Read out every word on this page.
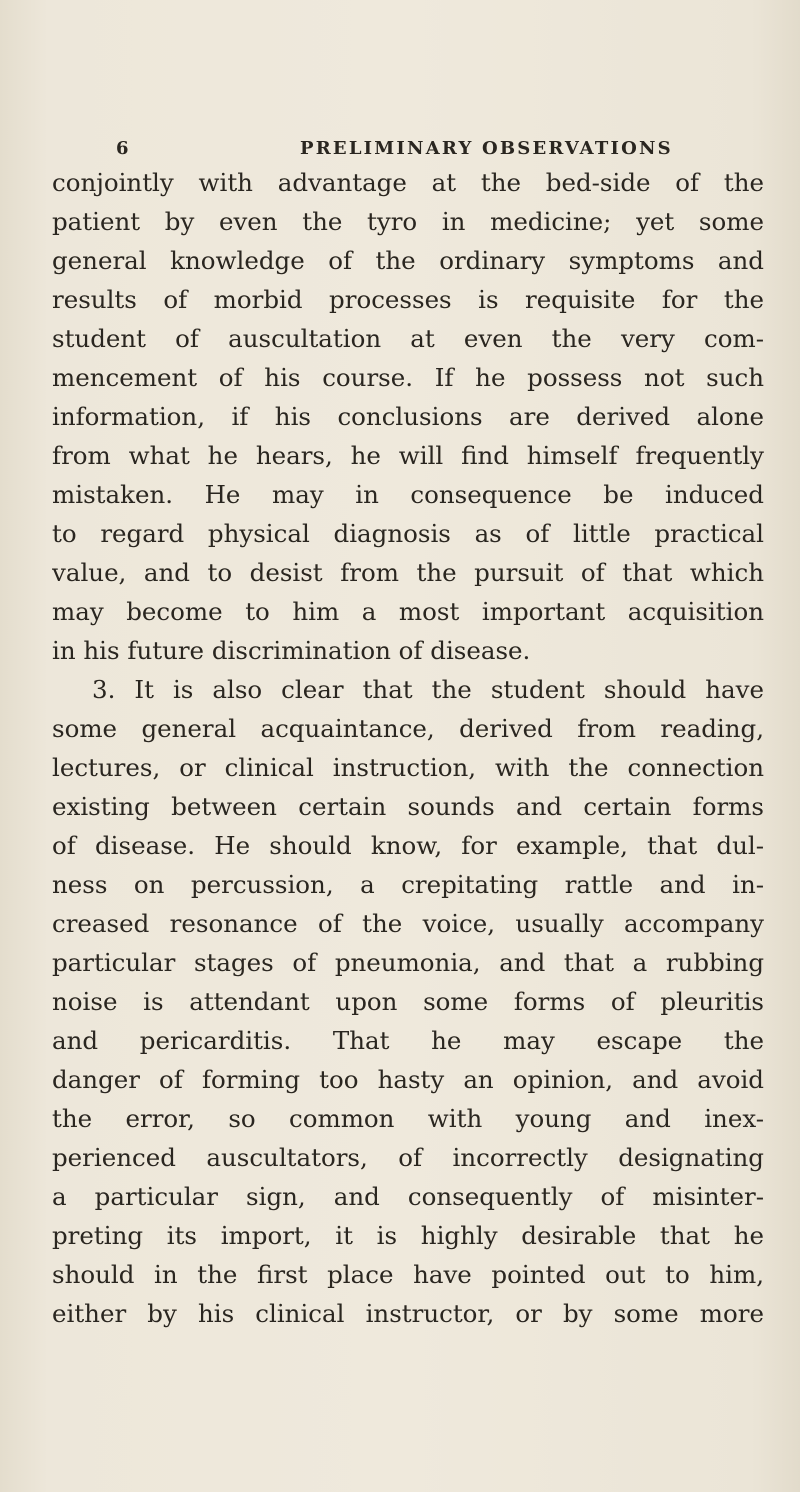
6	PRELIMINARY OBSERVATIONS
conjointly with advantage at the bed-side of the
patient by even the tyro in medicine; yet some
general knowledge of the ordinary symptoms and
results of morbid processes is requisite for the
student of auscultation at even the very com-
mencement of his course. If he possess not such
information, if his conclusions are derived alone
from what he hears, he will find himself frequently
mistaken. He may in consequence be induced
to regard physical diagnosis as of little practical
value, and to desist from the pursuit of that which
may become to him a most important acquisition
in his future discrimination of disease.
3. It is also clear that the student should have
some general acquaintance, derived from reading,
lectures, or clinical instruction, with the connection
existing between certain sounds and certain forms
of disease. He should know, for example, that dul-
ness on percussion, a crepitating rattle and in-
creased resonance of the voice, usually accompany
particular stages of pneumonia, and that a rubbing
noise is attendant upon some forms of pleuritis
and pericarditis. That he may escape the
danger of forming too hasty an opinion, and avoid
the error, so common with young and inex-
perienced auscultators, of incorrectly designating
a particular sign, and consequently of misinter-
preting its import, it is highly desirable that he
should in the first place have pointed out to him,
either by his clinical instructor, or by some more
